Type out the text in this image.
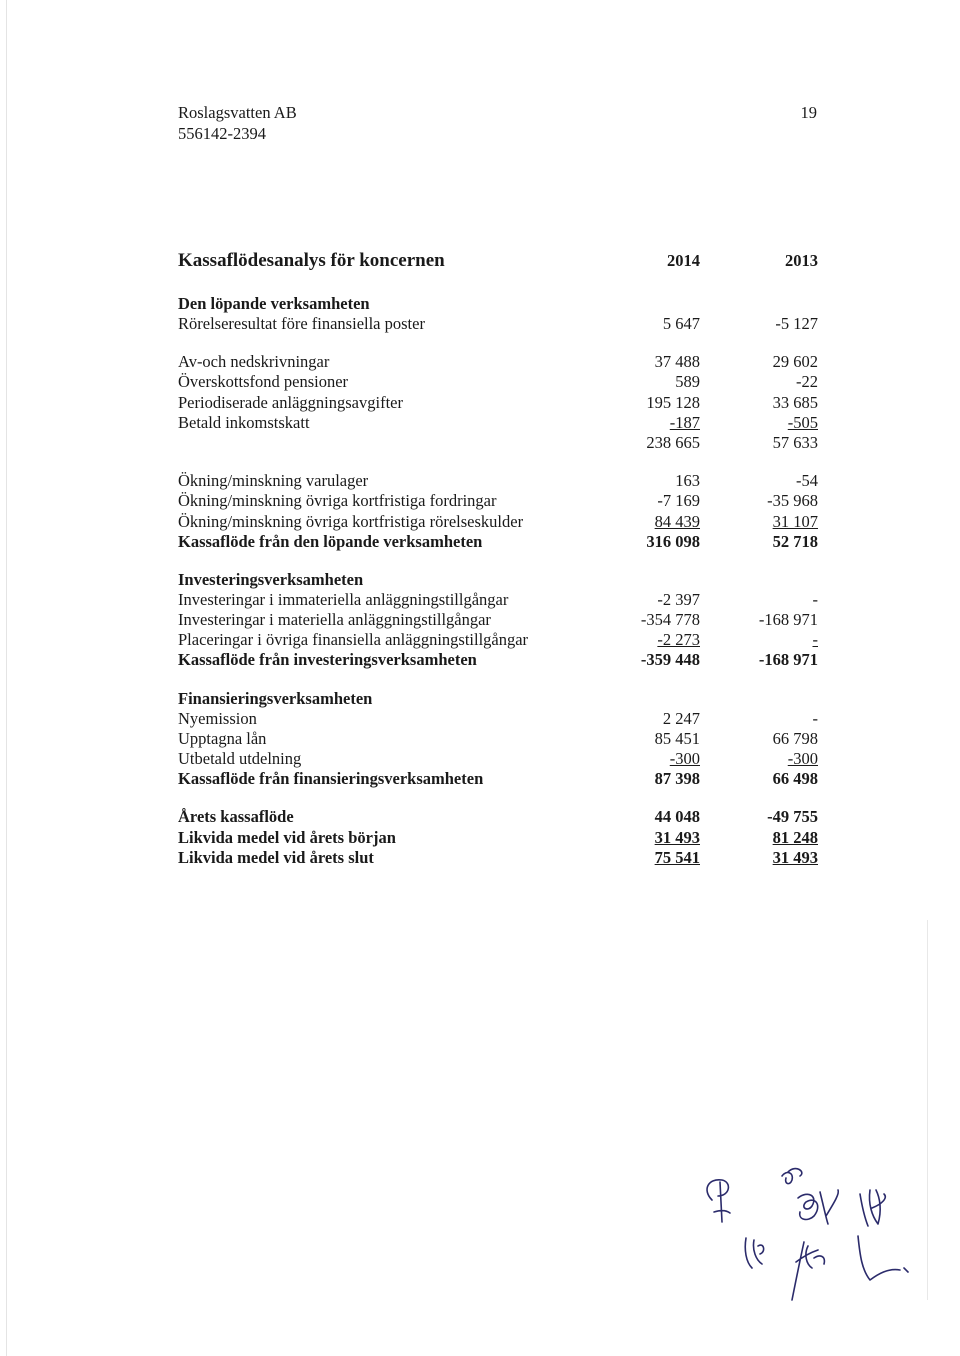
Roslagsvatten AB
556142-2394
19
Kassaflödesanalys för koncernen	2014	2013
Den löpande verksamheten
Rörelseresultat före finansiella poster	5 647	-5 127
Av-och nedskrivningar	37 488	29 602
Överskottsfond pensioner	589	-22
Periodiserade anläggningsavgifter	195 128	33 685
Betald inkomstskatt	-187	-505
238 665	57 633
Ökning/minskning varulager	163	-54
Ökning/minskning övriga kortfristiga fordringar	-7 169	-35 968
Ökning/minskning övriga kortfristiga rörelseskulder	84 439	31 107
Kassaflöde från den löpande verksamheten	316 098	52 718
Investeringsverksamheten
Investeringar i immateriella anläggningstillgångar	-2 397	-
Investeringar i materiella anläggningstillgångar	-354 778	-168 971
Placeringar i övriga finansiella anläggningstillgångar	-2 273	-
Kassaflöde från investeringsverksamheten	-359 448	-168 971
Finansieringsverksamheten
Nyemission	2 247	-
Upptagna lån	85 451	66 798
Utbetald utdelning	-300	-300
Kassaflöde från finansieringsverksamheten	87 398	66 498
Årets kassaflöde	44 048	-49 755
Likvida medel vid årets början	31 493	81 248
Likvida medel vid årets slut	75 541	31 493
